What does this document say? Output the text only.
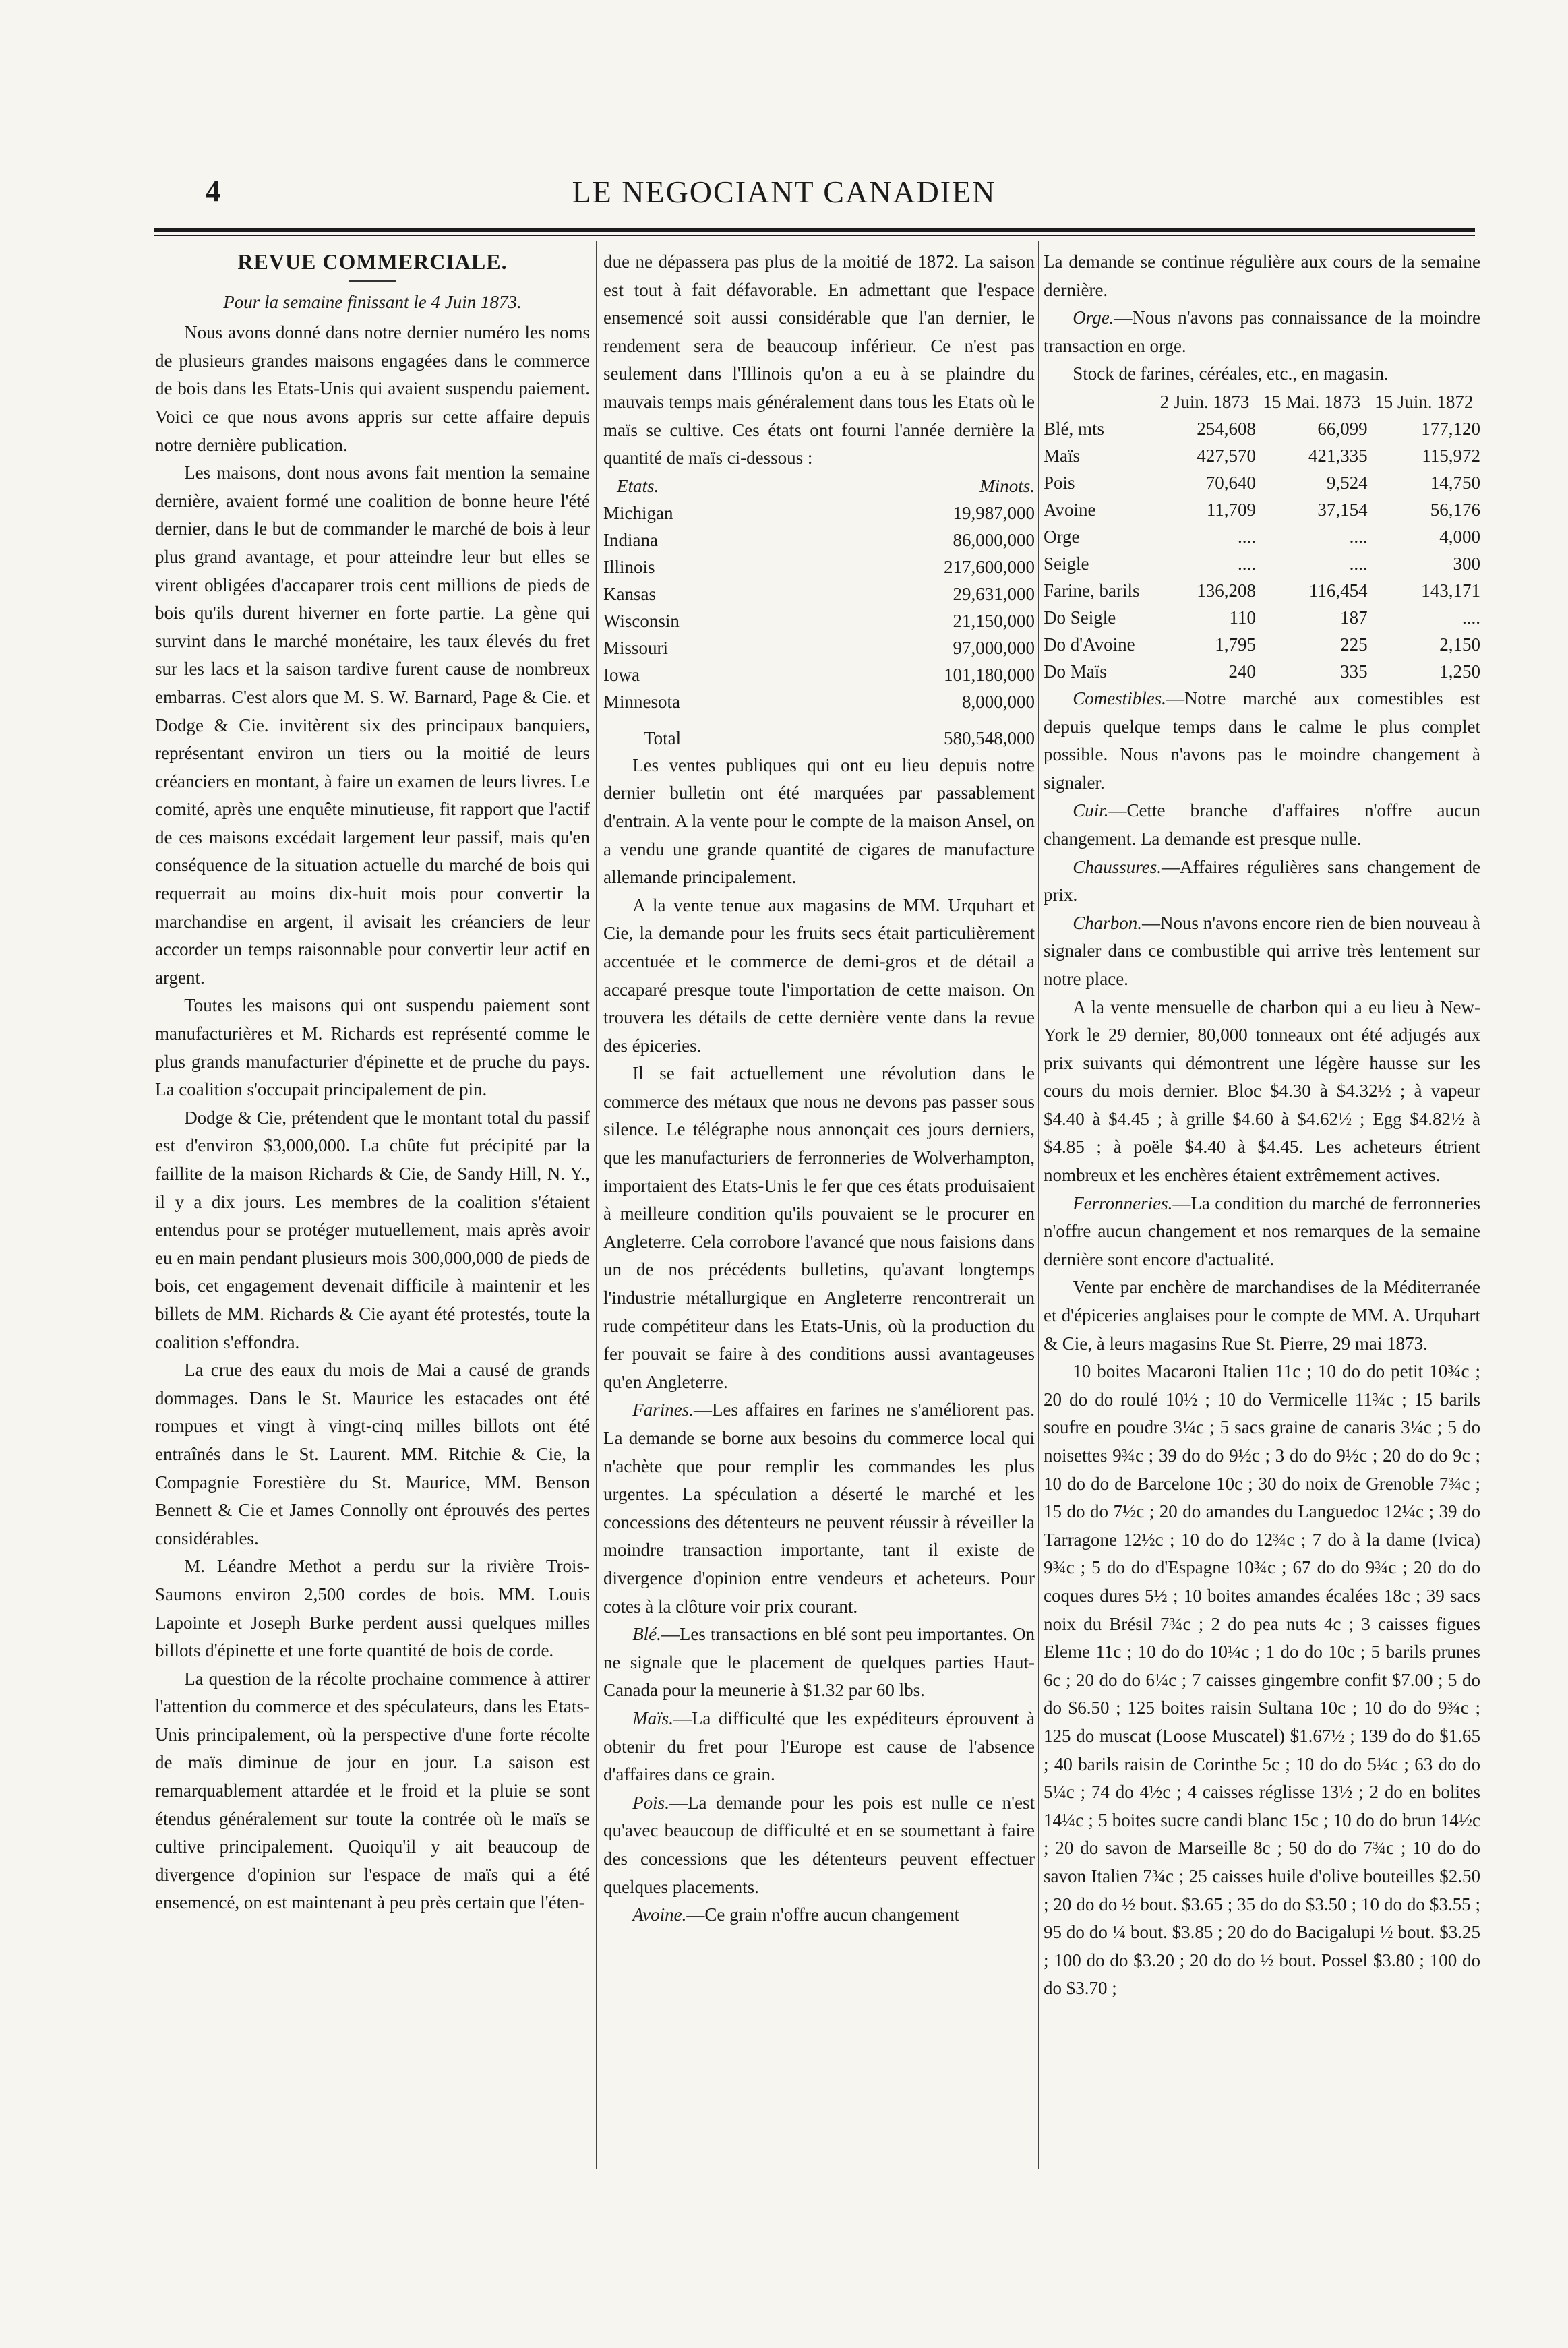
4	LE NEGOCIANT CANADIEN

REVUE COMMERCIALE.

Pour la semaine finissant le 4 Juin 1873.

Nous avons donné dans notre dernier numéro les noms de plusieurs grandes maisons engagées dans le commerce de bois dans les Etats-Unis qui avaient suspendu paiement. Voici ce que nous avons appris sur cette affaire depuis notre dernière publication.

Les maisons, dont nous avons fait mention la semaine dernière, avaient formé une coalition de bonne heure l'été dernier, dans le but de commander le marché de bois à leur plus grand avantage, et pour atteindre leur but elles se virent obligées d'accaparer trois cent millions de pieds de bois qu'ils durent hiverner en forte partie. La gène qui survint dans le marché monétaire, les taux élevés du fret sur les lacs et la saison tardive furent cause de nombreux embarras. C'est alors que M. S. W. Barnard, Page & Cie. et Dodge & Cie. invitèrent six des principaux banquiers, représentant environ un tiers ou la moitié de leurs créanciers en montant, à faire un examen de leurs livres. Le comité, après une enquête minutieuse, fit rapport que l'actif de ces maisons excédait largement leur passif, mais qu'en conséquence de la situation actuelle du marché de bois qui requerrait au moins dix-huit mois pour convertir la marchandise en argent, il avisait les créanciers de leur accorder un temps raisonnable pour convertir leur actif en argent.

Toutes les maisons qui ont suspendu paiement sont manufacturières et M. Richards est représenté comme le plus grands manufacturier d'épinette et de pruche du pays. La coalition s'occupait principalement de pin.

Dodge & Cie, prétendent que le montant total du passif est d'environ $3,000,000. La chûte fut précipité par la faillite de la maison Richards & Cie, de Sandy Hill, N. Y., il y a dix jours. Les membres de la coalition s'étaient entendus pour se protéger mutuellement, mais après avoir eu en main pendant plusieurs mois 300,000,000 de pieds de bois, cet engagement devenait difficile à maintenir et les billets de MM. Richards & Cie ayant été protestés, toute la coalition s'effondra.

La crue des eaux du mois de Mai a causé de grands dommages. Dans le St. Maurice les estacades ont été rompues et vingt à vingt-cinq milles billots ont été entraînés dans le St. Laurent. MM. Ritchie & Cie, la Compagnie Forestière du St. Maurice, MM. Benson Bennett & Cie et James Connolly ont éprouvés des pertes considérables.

M. Léandre Methot a perdu sur la rivière Trois-Saumons environ 2,500 cordes de bois. MM. Louis Lapointe et Joseph Burke perdent aussi quelques milles billots d'épinette et une forte quantité de bois de corde.

La question de la récolte prochaine commence à attirer l'attention du commerce et des spéculateurs, dans les Etats-Unis principalement, où la perspective d'une forte récolte de maïs diminue de jour en jour. La saison est remarquablement attardée et le froid et la pluie se sont étendus généralement sur toute la contrée où le maïs se cultive principalement. Quoiqu'il y ait beaucoup de divergence d'opinion sur l'espace de maïs qui a été ensemencé, on est maintenant à peu près certain que l'éten-

due ne dépassera pas plus de la moitié de 1872. La saison est tout à fait défavorable. En admettant que l'espace ensemencé soit aussi considérable que l'an dernier, le rendement sera de beaucoup inférieur. Ce n'est pas seulement dans l'Illinois qu'on a eu à se plaindre du mauvais temps mais généralement dans tous les Etats où le maïs se cultive. Ces états ont fourni l'année dernière la quantité de maïs ci-dessous :

Etats.	Minots.
Michigan	19,987,000
Indiana	86,000,000
Illinois	217,600,000
Kansas	29,631,000
Wisconsin	21,150,000
Missouri	97,000,000
Iowa	101,180,000
Minnesota	8,000,000
Total	580,548,000

Les ventes publiques qui ont eu lieu depuis notre dernier bulletin ont été marquées par passablement d'entrain. A la vente pour le compte de la maison Ansel, on a vendu une grande quantité de cigares de manufacture allemande principalement.

A la vente tenue aux magasins de MM. Urquhart et Cie, la demande pour les fruits secs était particulièrement accentuée et le commerce de demi-gros et de détail a accaparé presque toute l'importation de cette maison. On trouvera les détails de cette dernière vente dans la revue des épiceries.

Il se fait actuellement une révolution dans le commerce des métaux que nous ne devons pas passer sous silence. Le télégraphe nous annonçait ces jours derniers, que les manufacturiers de ferronneries de Wolverhampton, importaient des Etats-Unis le fer que ces états produisaient à meilleure condition qu'ils pouvaient se le procurer en Angleterre. Cela corrobore l'avancé que nous faisions dans un de nos précédents bulletins, qu'avant longtemps l'industrie métallurgique en Angleterre rencontrerait un rude compétiteur dans les Etats-Unis, où la production du fer pouvait se faire à des conditions aussi avantageuses qu'en Angleterre.

Farines.—Les affaires en farines ne s'améliorent pas. La demande se borne aux besoins du commerce local qui n'achète que pour remplir les commandes les plus urgentes. La spéculation a déserté le marché et les concessions des détenteurs ne peuvent réussir à réveiller la moindre transaction importante, tant il existe de divergence d'opinion entre vendeurs et acheteurs. Pour cotes à la clôture voir prix courant.

Blé.—Les transactions en blé sont peu importantes. On ne signale que le placement de quelques parties Haut-Canada pour la meunerie à $1.32 par 60 lbs.

Maïs.—La difficulté que les expéditeurs éprouvent à obtenir du fret pour l'Europe est cause de l'absence d'affaires dans ce grain.

Pois.—La demande pour les pois est nulle ce n'est qu'avec beaucoup de difficulté et en se soumettant à faire des concessions que les détenteurs peuvent effectuer quelques placements.

Avoine.—Ce grain n'offre aucun changement

La demande se continue régulière aux cours de la semaine dernière.

Orge.—Nous n'avons pas connaissance de la moindre transaction en orge.

Stock de farines, céréales, etc., en magasin.

	2 Juin. 1873	15 Mai. 1873	15 Juin. 1872
Blé, mts	254,608	66,099	177,120
Maïs	427,570	421,335	115,972
Pois	70,640	9,524	14,750
Avoine	11,709	37,154	56,176
Orge	....	....	4,000
Seigle	....	....	300
Farine, barils	136,208	116,454	143,171
Do Seigle	110	187	....
Do d'Avoine	1,795	225	2,150
Do Maïs	240	335	1,250

Comestibles.—Notre marché aux comestibles est depuis quelque temps dans le calme le plus complet possible. Nous n'avons pas le moindre changement à signaler.

Cuir.—Cette branche d'affaires n'offre aucun changement. La demande est presque nulle.

Chaussures.—Affaires régulières sans changement de prix.

Charbon.—Nous n'avons encore rien de bien nouveau à signaler dans ce combustible qui arrive très lentement sur notre place.

A la vente mensuelle de charbon qui a eu lieu à New-York le 29 dernier, 80,000 tonneaux ont été adjugés aux prix suivants qui démontrent une légère hausse sur les cours du mois dernier. Bloc $4.30 à $4.32½ ; à vapeur $4.40 à $4.45 ; à grille $4.60 à $4.62½ ; Egg $4.82½ à $4.85 ; à poële $4.40 à $4.45. Les acheteurs étrient nombreux et les enchères étaient extrêmement actives.

Ferronneries.—La condition du marché de ferronneries n'offre aucun changement et nos remarques de la semaine dernière sont encore d'actualité.

Vente par enchère de marchandises de la Méditerranée et d'épiceries anglaises pour le compte de MM. A. Urquhart & Cie, à leurs magasins Rue St. Pierre, 29 mai 1873.

10 boites Macaroni Italien 11c ; 10 do do petit 10¾c ; 20 do do roulé 10½ ; 10 do Vermicelle 11¾c ; 15 barils soufre en poudre 3¼c ; 5 sacs graine de canaris 3¼c ; 5 do noisettes 9¾c ; 39 do do 9½c ; 3 do do 9½c ; 20 do do 9c ; 10 do do de Barcelone 10c ; 30 do noix de Grenoble 7¾c ; 15 do do 7½c ; 20 do amandes du Languedoc 12¼c ; 39 do Tarragone 12½c ; 10 do do 12¾c ; 7 do à la dame (Ivica) 9¾c ; 5 do do d'Espagne 10¾c ; 67 do do 9¾c ; 20 do do coques dures 5½ ; 10 boites amandes écalées 18c ; 39 sacs noix du Brésil 7¾c ; 2 do pea nuts 4c ; 3 caisses figues Eleme 11c ; 10 do do 10¼c ; 1 do do 10c ; 5 barils prunes 6c ; 20 do do 6¼c ; 7 caisses gingembre confit $7.00 ; 5 do do $6.50 ; 125 boites raisin Sultana 10c ; 10 do do 9¾c ; 125 do muscat (Loose Muscatel) $1.67½ ; 139 do do $1.65 ; 40 barils raisin de Corinthe 5c ; 10 do do 5¼c ; 63 do do 5¼c ; 74 do 4½c ; 4 caisses réglisse 13½ ; 2 do en bolites 14¼c ; 5 boites sucre candi blanc 15c ; 10 do do brun 14½c ; 20 do savon de Marseille 8c ; 50 do do 7¾c ; 10 do do savon Italien 7¾c ; 25 caisses huile d'olive bouteilles $2.50 ; 20 do do ½ bout. $3.65 ; 35 do do $3.50 ; 10 do do $3.55 ; 95 do do ¼ bout. $3.85 ; 20 do do Bacigalupi ½ bout. $3.25 ; 100 do do $3.20 ; 20 do do ½ bout. Possel $3.80 ; 100 do do $3.70 ;
